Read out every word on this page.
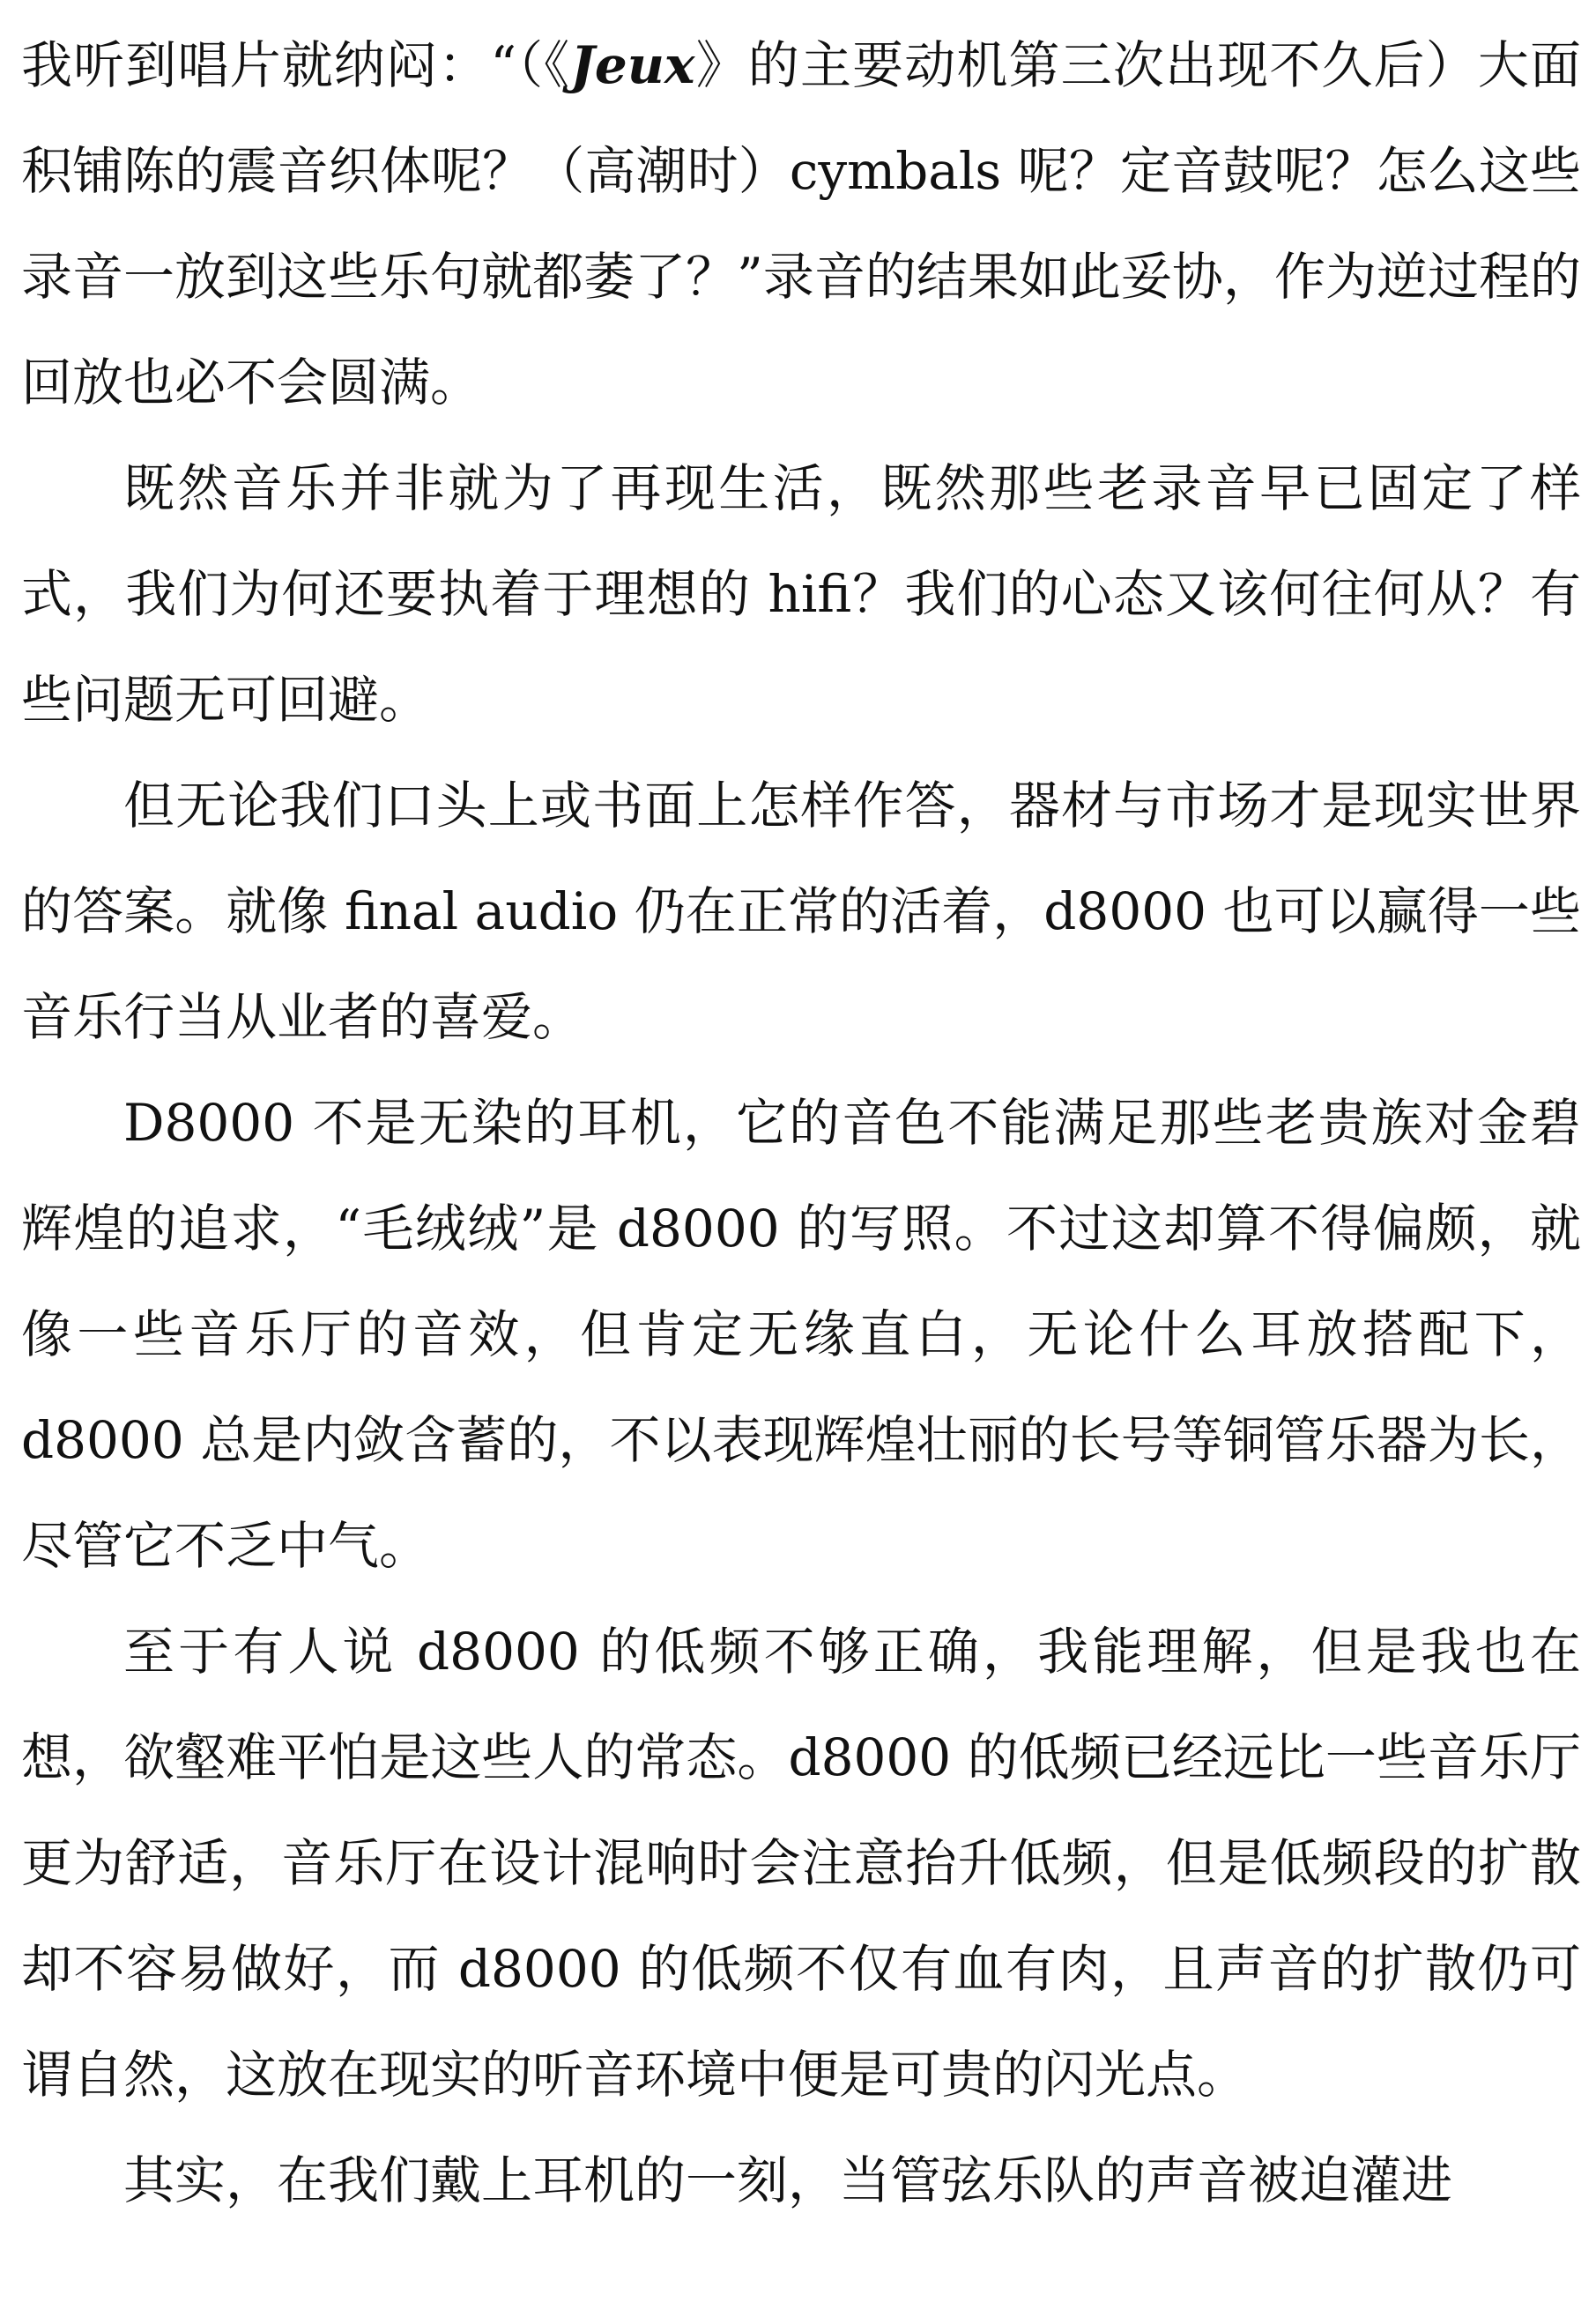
我听到唱片就纳闷：“（《Jeux》的主要动机第三次出现不久后）大面积铺陈的震音织体呢？（高潮时）cymbals 呢？定音鼓呢？怎么这些录音一放到这些乐句就都萎了？”录音的结果如此妥协，作为逆过程的回放也必不会圆满。

既然音乐并非就为了再现生活，既然那些老录音早已固定了样式，我们为何还要执着于理想的 hifi？我们的心态又该何往何从？有些问题无可回避。

但无论我们口头上或书面上怎样作答，器材与市场才是现实世界的答案。就像 final audio 仍在正常的活着，d8000 也可以赢得一些音乐行当从业者的喜爱。

D8000 不是无染的耳机，它的音色不能满足那些老贵族对金碧辉煌的追求，“毛绒绒”是 d8000 的写照。不过这却算不得偏颇，就像一些音乐厅的音效，但肯定无缘直白，无论什么耳放搭配下，d8000 总是内敛含蓄的，不以表现辉煌壮丽的长号等铜管乐器为长，尽管它不乏中气。

至于有人说 d8000 的低频不够正确，我能理解，但是我也在想，欲壑难平怕是这些人的常态。d8000 的低频已经远比一些音乐厅更为舒适，音乐厅在设计混响时会注意抬升低频，但是低频段的扩散却不容易做好，而 d8000 的低频不仅有血有肉，且声音的扩散仍可谓自然，这放在现实的听音环境中便是可贵的闪光点。

其实，在我们戴上耳机的一刻，当管弦乐队的声音被迫灌进
